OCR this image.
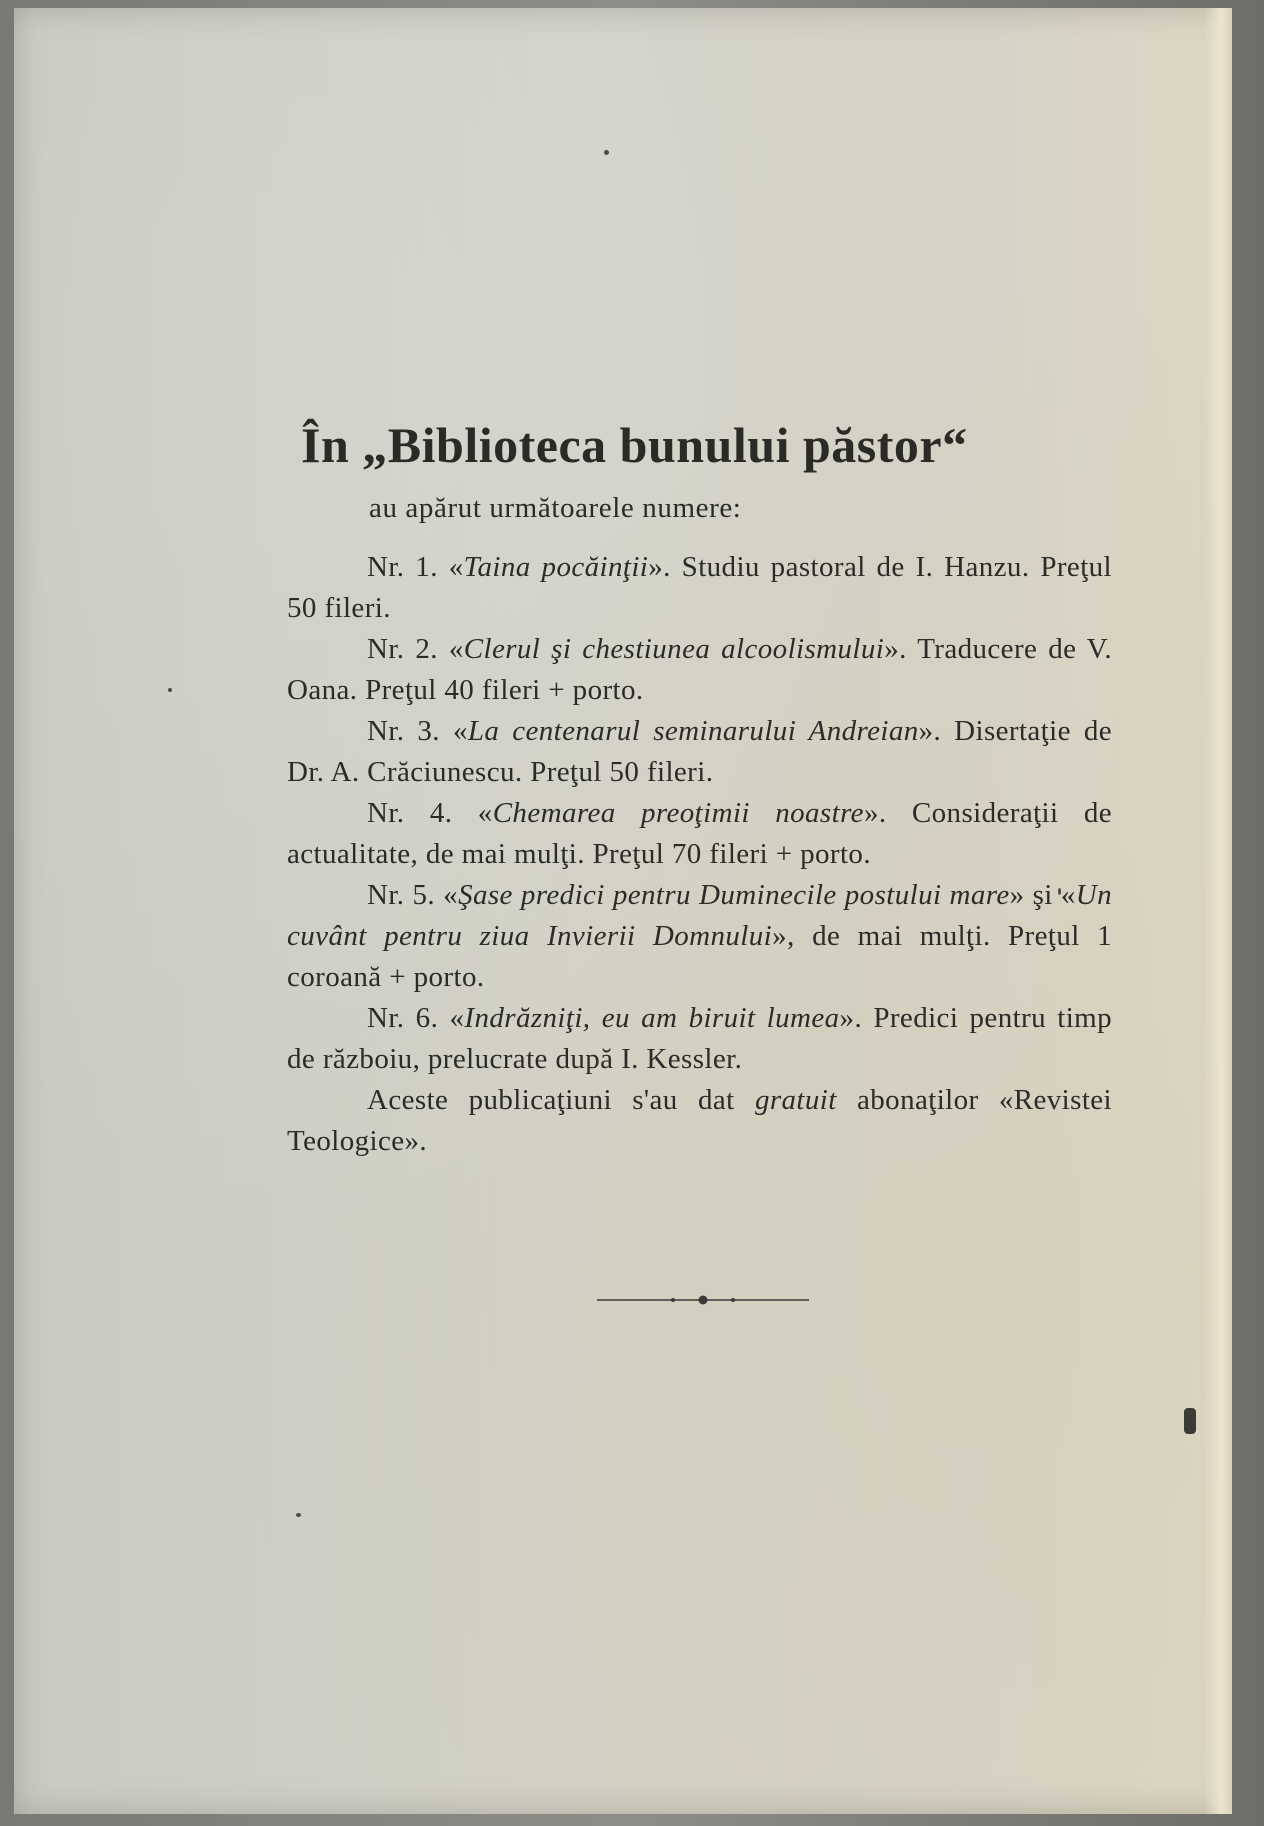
În „Biblioteca bunului păstor“
au apărut următoarele numere:

Nr. 1. «Taina pocăinţii». Studiu pastoral de I. Hanzu. Preţul 50 fileri.

Nr. 2. «Clerul şi chestiunea alcoolismului». Traducere de V. Oana. Preţul 40 fileri + porto.

Nr. 3. «La centenarul seminarului Andreian». Disertaţie de Dr. A. Crăciunescu. Preţul 50 fileri.

Nr. 4. «Chemarea preoţimii noastre». Consideraţii de actualitate, de mai mulţi. Preţul 70 fileri + porto.

Nr. 5. «Şase predici pentru Duminecile postului mare» şi «Un cuvânt pentru ziua Invierii Domnului», de mai mulţi. Preţul 1 coroană + porto.

Nr. 6. «Indrăzniţi, eu am biruit lumea». Predici pentru timp de războiu, prelucrate după I. Kessler.

Aceste publicaţiuni s'au dat gratuit abonaţilor «Revistei Teologice».
